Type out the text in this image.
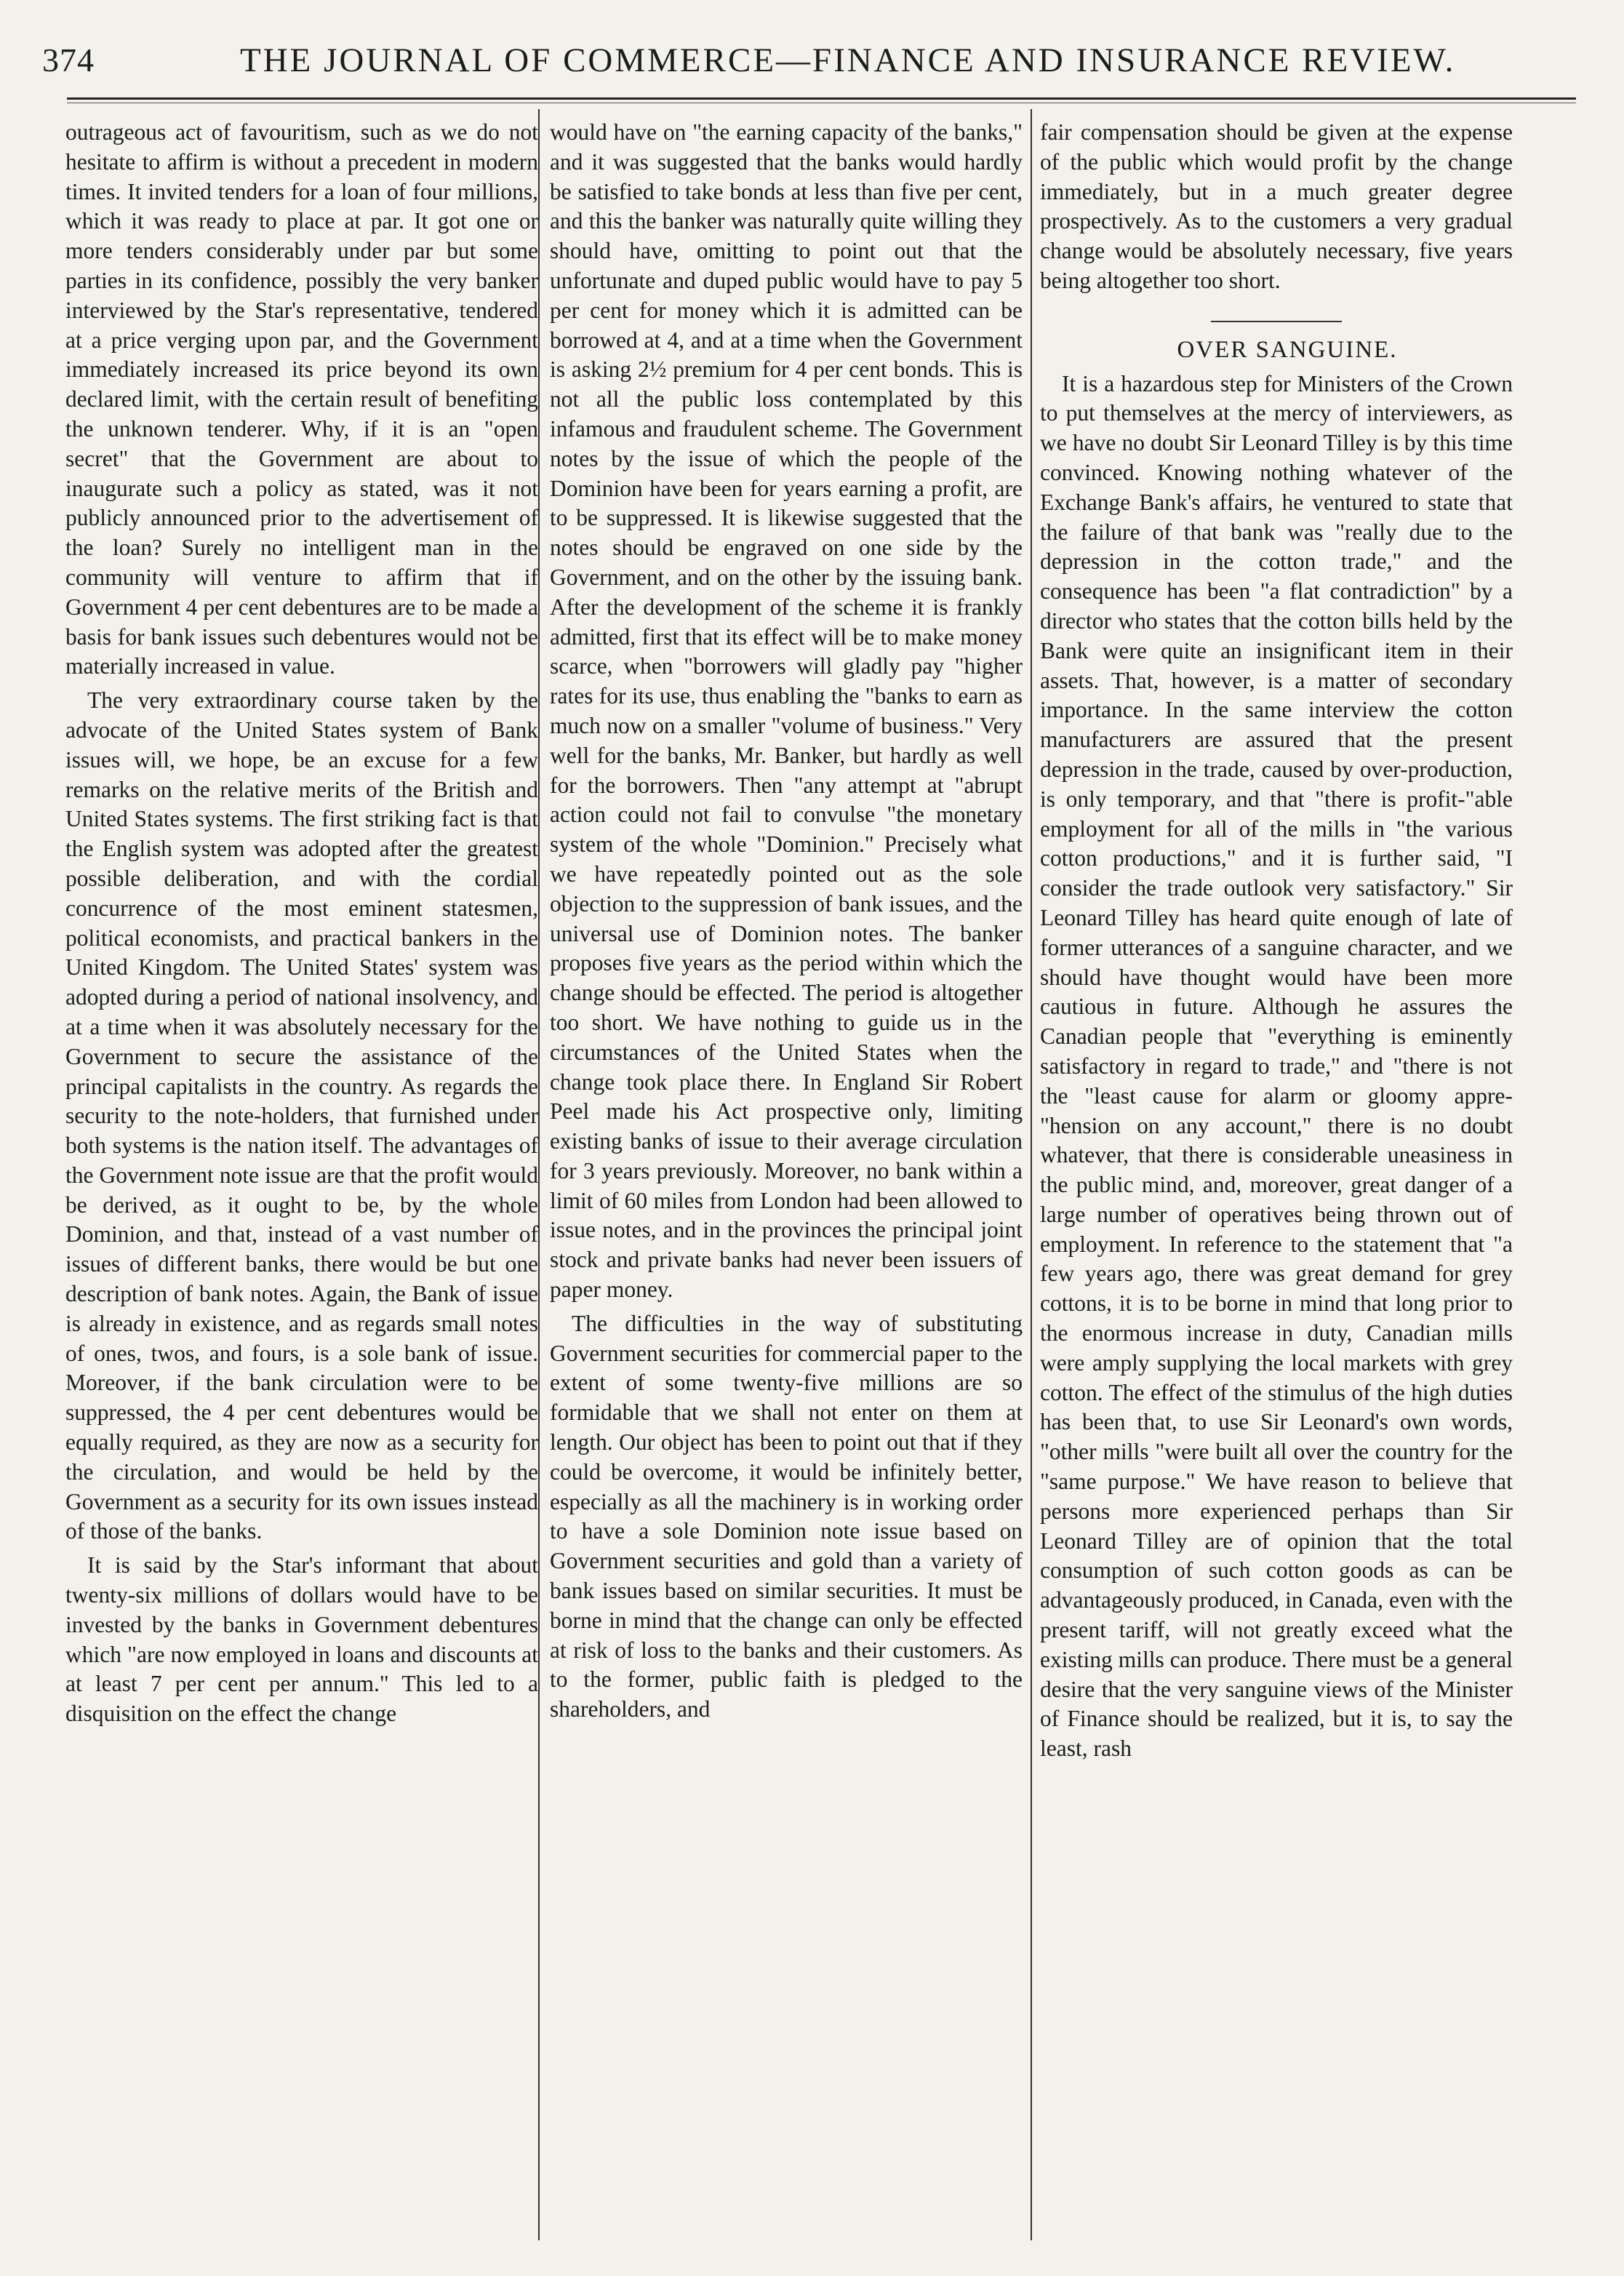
374	THE JOURNAL OF COMMERCE—FINANCE AND INSURANCE REVIEW.

outrageous act of favouritism, such as we do not hesitate to affirm is without a precedent in modern times. It invited tenders for a loan of four millions, which it was ready to place at par. It got one or more tenders considerably under par but some parties in its confidence, possibly the very banker interviewed by the Star's representative, tendered at a price verging upon par, and the Government immediately increased its price beyond its own declared limit, with the certain result of benefiting the unknown tenderer. Why, if it is an "open secret" that the Government are about to inaugurate such a policy as stated, was it not publicly announced prior to the advertisement of the loan? Surely no intelligent man in the community will venture to affirm that if Government 4 per cent debentures are to be made a basis for bank issues such debentures would not be materially increased in value.

The very extraordinary course taken by the advocate of the United States system of Bank issues will, we hope, be an excuse for a few remarks on the relative merits of the British and United States systems. The first striking fact is that the English system was adopted after the greatest possible deliberation, and with the cordial concurrence of the most eminent statesmen, political economists, and practical bankers in the United Kingdom. The United States' system was adopted during a period of national insolvency, and at a time when it was absolutely necessary for the Government to secure the assistance of the principal capitalists in the country. As regards the security to the note-holders, that furnished under both systems is the nation itself. The advantages of the Government note issue are that the profit would be derived, as it ought to be, by the whole Dominion, and that, instead of a vast number of issues of different banks, there would be but one description of bank notes. Again, the Bank of issue is already in existence, and as regards small notes of ones, twos, and fours, is a sole bank of issue. Moreover, if the bank circulation were to be suppressed, the 4 per cent debentures would be equally required, as they are now as a security for the circulation, and would be held by the Government as a security for its own issues instead of those of the banks.

It is said by the Star's informant that about twenty-six millions of dollars would have to be invested by the banks in Government debentures which "are now employed in loans and discounts at at least 7 per cent per annum." This led to a disquisition on the effect the change

would have on "the earning capacity of the banks," and it was suggested that the banks would hardly be satisfied to take bonds at less than five per cent, and this the banker was naturally quite willing they should have, omitting to point out that the unfortunate and duped public would have to pay 5 per cent for money which it is admitted can be borrowed at 4, and at a time when the Government is asking 2½ premium for 4 per cent bonds. This is not all the public loss contemplated by this infamous and fraudulent scheme. The Government notes by the issue of which the people of the Dominion have been for years earning a profit, are to be suppressed. It is likewise suggested that the notes should be engraved on one side by the Government, and on the other by the issuing bank. After the development of the scheme it is frankly admitted, first that its effect will be to make money scarce, when "borrowers will gladly pay "higher rates for its use, thus enabling the "banks to earn as much now on a smaller "volume of business." Very well for the banks, Mr. Banker, but hardly as well for the borrowers. Then "any attempt at "abrupt action could not fail to convulse "the monetary system of the whole "Dominion." Precisely what we have repeatedly pointed out as the sole objection to the suppression of bank issues, and the universal use of Dominion notes. The banker proposes five years as the period within which the change should be effected. The period is altogether too short. We have nothing to guide us in the circumstances of the United States when the change took place there. In England Sir Robert Peel made his Act prospective only, limiting existing banks of issue to their average circulation for 3 years previously. Moreover, no bank within a limit of 60 miles from London had been allowed to issue notes, and in the provinces the principal joint stock and private banks had never been issuers of paper money.

The difficulties in the way of substituting Government securities for commercial paper to the extent of some twenty-five millions are so formidable that we shall not enter on them at length. Our object has been to point out that if they could be overcome, it would be infinitely better, especially as all the machinery is in working order to have a sole Dominion note issue based on Government securities and gold than a variety of bank issues based on similar securities. It must be borne in mind that the change can only be effected at risk of loss to the banks and their customers. As to the former, public faith is pledged to the shareholders, and

fair compensation should be given at the expense of the public which would profit by the change immediately, but in a much greater degree prospectively. As to the customers a very gradual change would be absolutely necessary, five years being altogether too short.

OVER SANGUINE.

It is a hazardous step for Ministers of the Crown to put themselves at the mercy of interviewers, as we have no doubt Sir Leonard Tilley is by this time convinced. Knowing nothing whatever of the Exchange Bank's affairs, he ventured to state that the failure of that bank was "really due to the depression in the cotton trade," and the consequence has been "a flat contradiction" by a director who states that the cotton bills held by the Bank were quite an insignificant item in their assets. That, however, is a matter of secondary importance. In the same interview the cotton manufacturers are assured that the present depression in the trade, caused by over-production, is only temporary, and that "there is profit-"able employment for all of the mills in "the various cotton productions," and it is further said, "I consider the trade outlook very satisfactory." Sir Leonard Tilley has heard quite enough of late of former utterances of a sanguine character, and we should have thought would have been more cautious in future. Although he assures the Canadian people that "everything is eminently satisfactory in regard to trade," and "there is not the "least cause for alarm or gloomy appre-"hension on any account," there is no doubt whatever, that there is considerable uneasiness in the public mind, and, moreover, great danger of a large number of operatives being thrown out of employment. In reference to the statement that "a few years ago, there was great demand for grey cottons, it is to be borne in mind that long prior to the enormous increase in duty, Canadian mills were amply supplying the local markets with grey cotton. The effect of the stimulus of the high duties has been that, to use Sir Leonard's own words, "other mills "were built all over the country for the "same purpose." We have reason to believe that persons more experienced perhaps than Sir Leonard Tilley are of opinion that the total consumption of such cotton goods as can be advantageously produced, in Canada, even with the present tariff, will not greatly exceed what the existing mills can produce. There must be a general desire that the very sanguine views of the Minister of Finance should be realized, but it is, to say the least, rash
